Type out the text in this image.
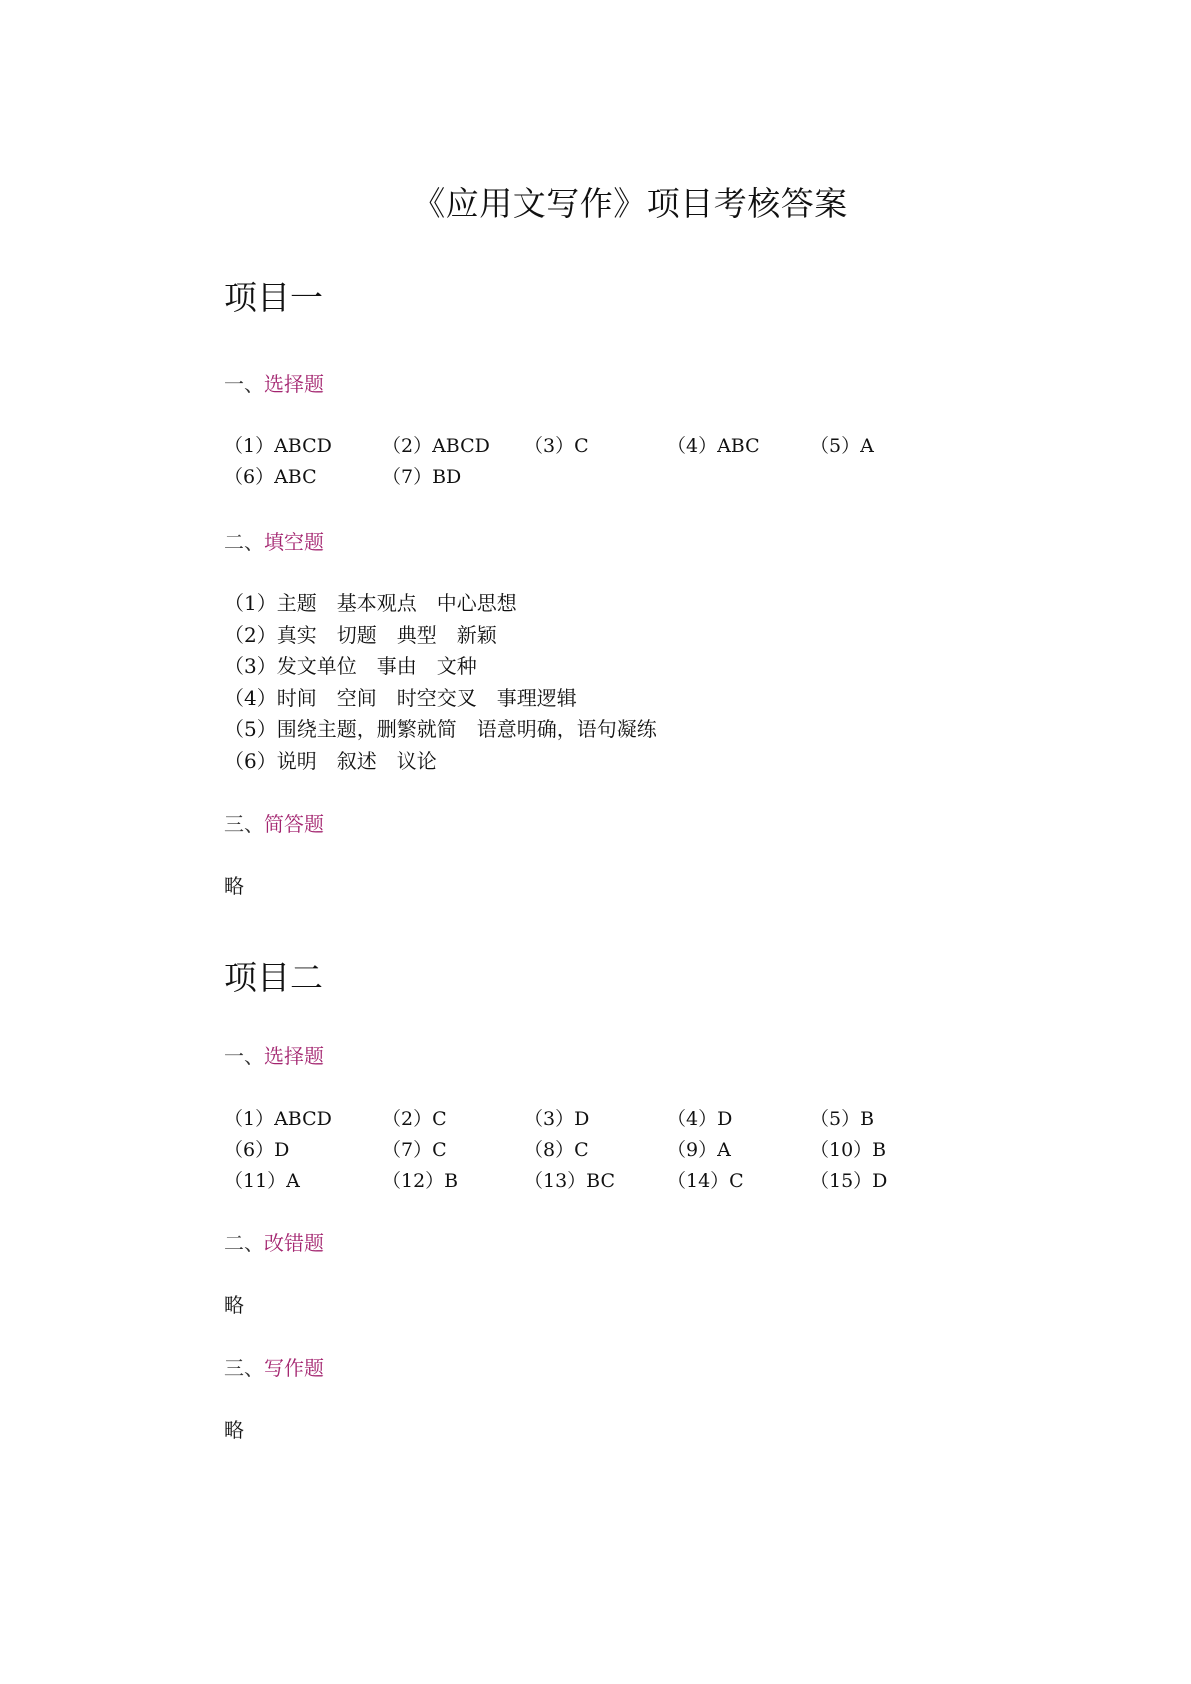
《应用文写作》项目考核答案
项目一
一、选择题
（1）ABCD	（2）ABCD （3）C	（4）ABC	（5）A
（6）ABC	（7）BD
二、填空题
（1）主题　基本观点　中心思想
（2）真实　切题　典型　新颖
（3）发文单位　事由　文种
（4）时间　空间　时空交叉　事理逻辑
（5）围绕主题，删繁就简　语意明确，语句凝练
（6）说明　叙述　议论
三、简答题
略
项目二
一、选择题
（1）ABCD	（2）C	（3）D	（4）D	（5）B
（6）D	（7）C	（8）C	（9）A	（10）B
（11）A	（12）B	（13）BC	（14）C	（15）D
二、改错题
略
三、写作题
略
